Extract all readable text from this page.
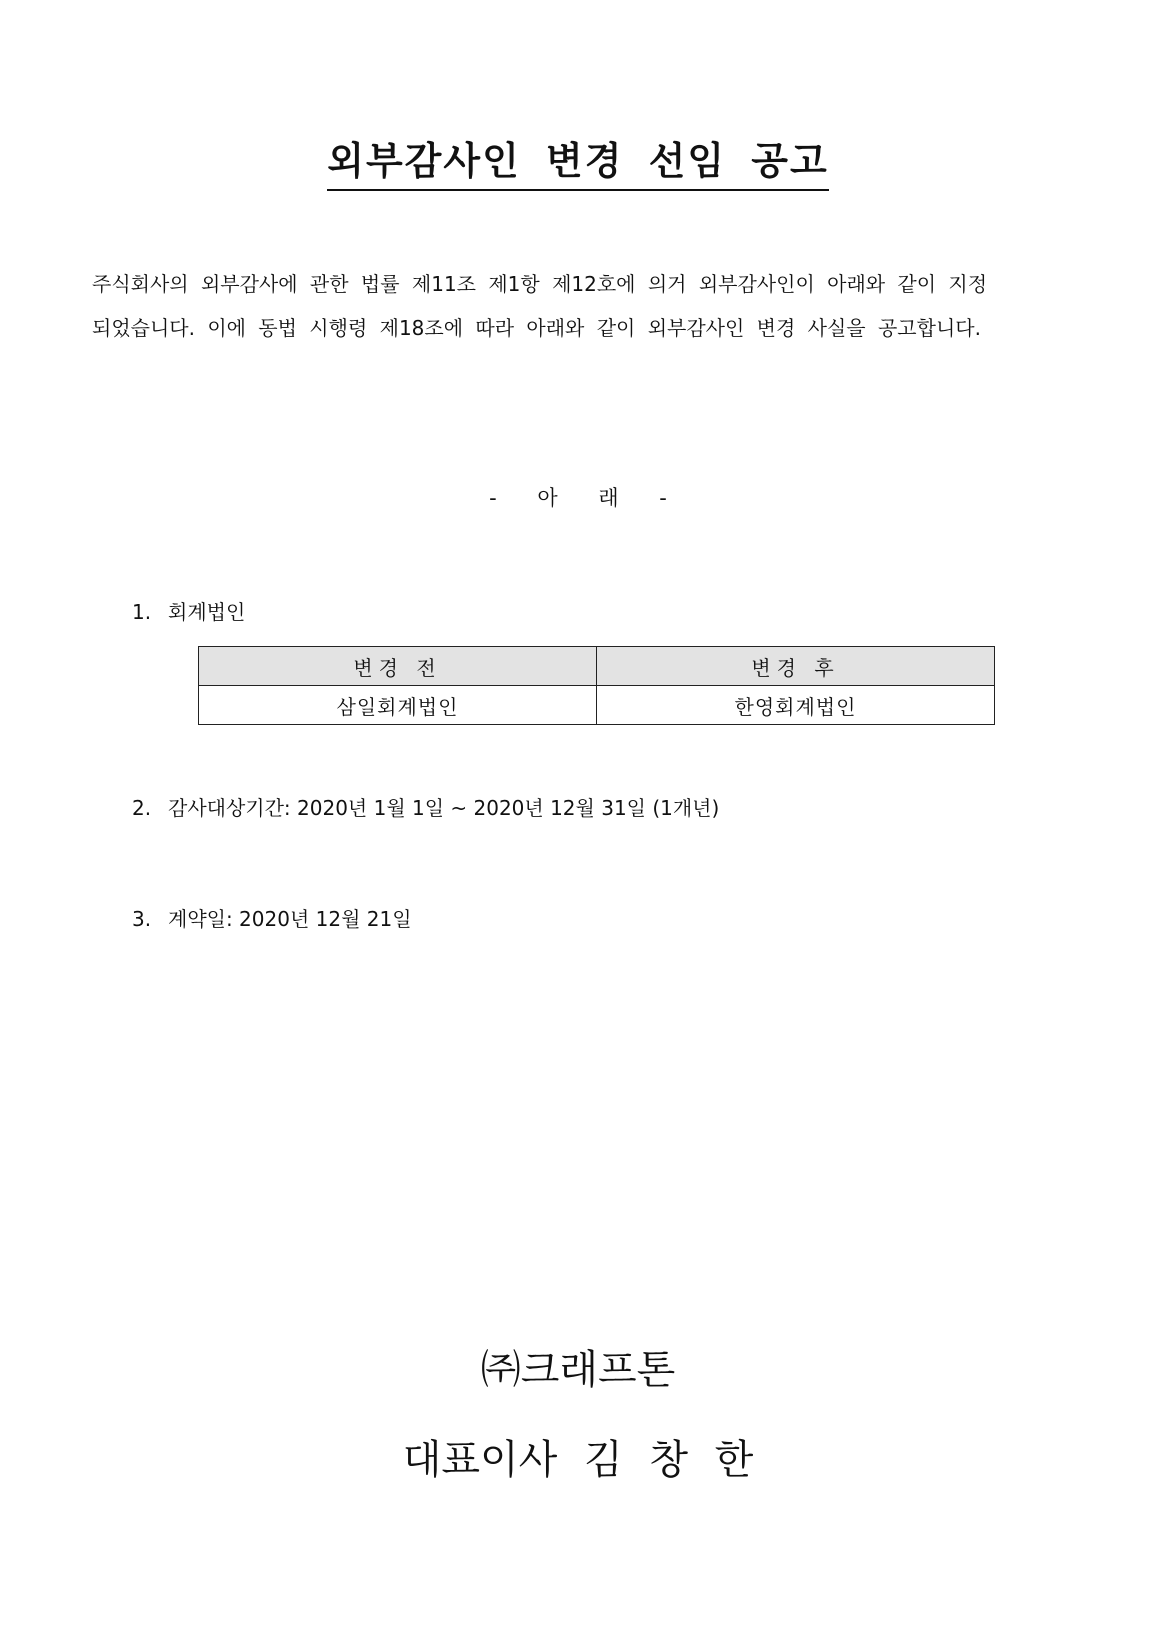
외부감사인 변경 선임 공고

주식회사의 외부감사에 관한 법률 제11조 제1항 제12호에 의거 외부감사인이 아래와 같이 지정

되었습니다. 이에 동법 시행령 제18조에 따라 아래와 같이 외부감사인 변경 사실을 공고합니다.

- 아 래 -
1. 회계법인
변경 전	변경 후
삼일회계법인	한영회계법인
2. 감사대상기간: 2020년 1월 1일 ~ 2020년 12월 31일 (1개년)
3. 계약일: 2020년 12월 21일
㈜크래프톤
대표이사 김 창 한
